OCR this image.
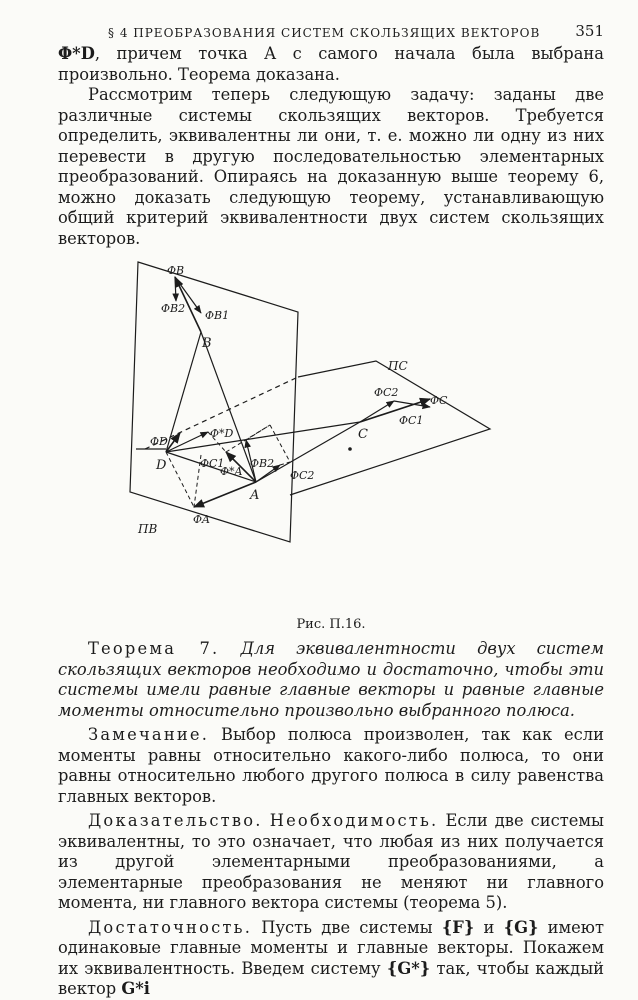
§ 4 ПРЕОБРАЗОВАНИЯ СИСТЕМ СКОЛЬЗЯЩИХ ВЕКТОРОВ 351

Φ*D, причем точка A с самого начала была выбрана произвольно. Теорема доказана.

Рассмотрим теперь следующую задачу: заданы две различные системы скользящих векторов. Требуется определить, эквивалентны ли они, т. е. можно ли одну из них перевести в другую последовательностью элементарных преобразований. Опираясь на доказанную выше теорему 6, можно доказать следующую теорему, устанавливающую общий критерий эквивалентности двух систем скользящих векторов.

ΦB
ΦB1
ΦB2
B
ΠC
ΦC
ΦC2
ΦC1
C
ΦD
Φ*D
D	ΦC1
Φ*A
ΦB2
ΦC2
A
ΦA
ΠB
Рис. П.16.

Теорема 7. Для эквивалентности двух систем скользящих векторов необходимо и достаточно, чтобы эти системы имели равные главные векторы и равные главные моменты относительно произвольно выбранного полюса.

Замечание. Выбор полюса произволен, так как если моменты равны относительно какого-либо полюса, то они равны относительно любого другого полюса в силу равенства главных векторов.

Доказательство. Необходимость. Если две системы эквивалентны, то это означает, что любая из них получается из другой элементарными преобразованиями, а элементарные преобразования не меняют ни главного момента, ни главного вектора системы (теорема 5).

Достаточность. Пусть две системы {F} и {G} имеют одинаковые главные моменты и главные векторы. Покажем их эквивалентность. Введем систему {G*} так, чтобы каждый вектор G*i
